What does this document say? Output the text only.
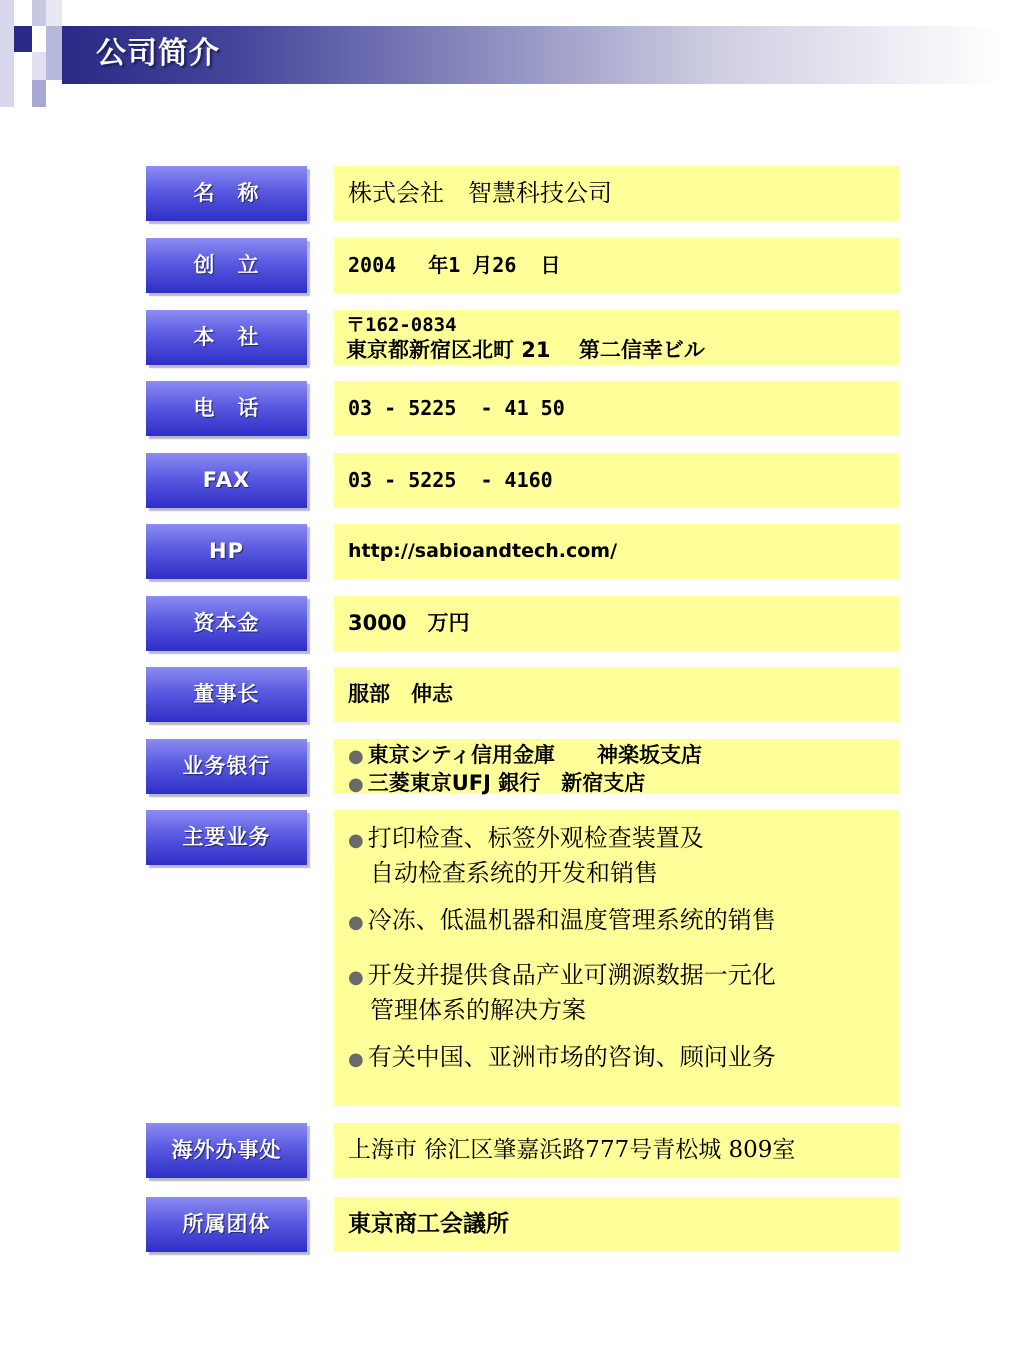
公司简介
名　称	株式会社　智慧科技公司
创　立	2004　 年1 月26  日
本　社	〒162-0834
東京都新宿区北町 21　 第二信幸ビル
电　话	03 - 5225  - 41 50
FAX	03 - 5225  - 4160
HP	http://sabioandtech.com/
资本金	3000　万円
董事长	服部　伸志
业务银行	● 東京シティ信用金庫　　神楽坂支店
● 三菱東京UFJ 銀行　新宿支店
主要业务	● 打印检查、标签外观检查装置及
自动检查系统的开发和销售
● 冷冻、低温机器和温度管理系统的销售
● 开发并提供食品产业可溯源数据一元化
管理体系的解决方案
● 有关中国、亚洲市场的咨询、顾问业务
海外办事处	上海市 徐汇区肇嘉浜路777号青松城 809室
所属团体	東京商工会議所
